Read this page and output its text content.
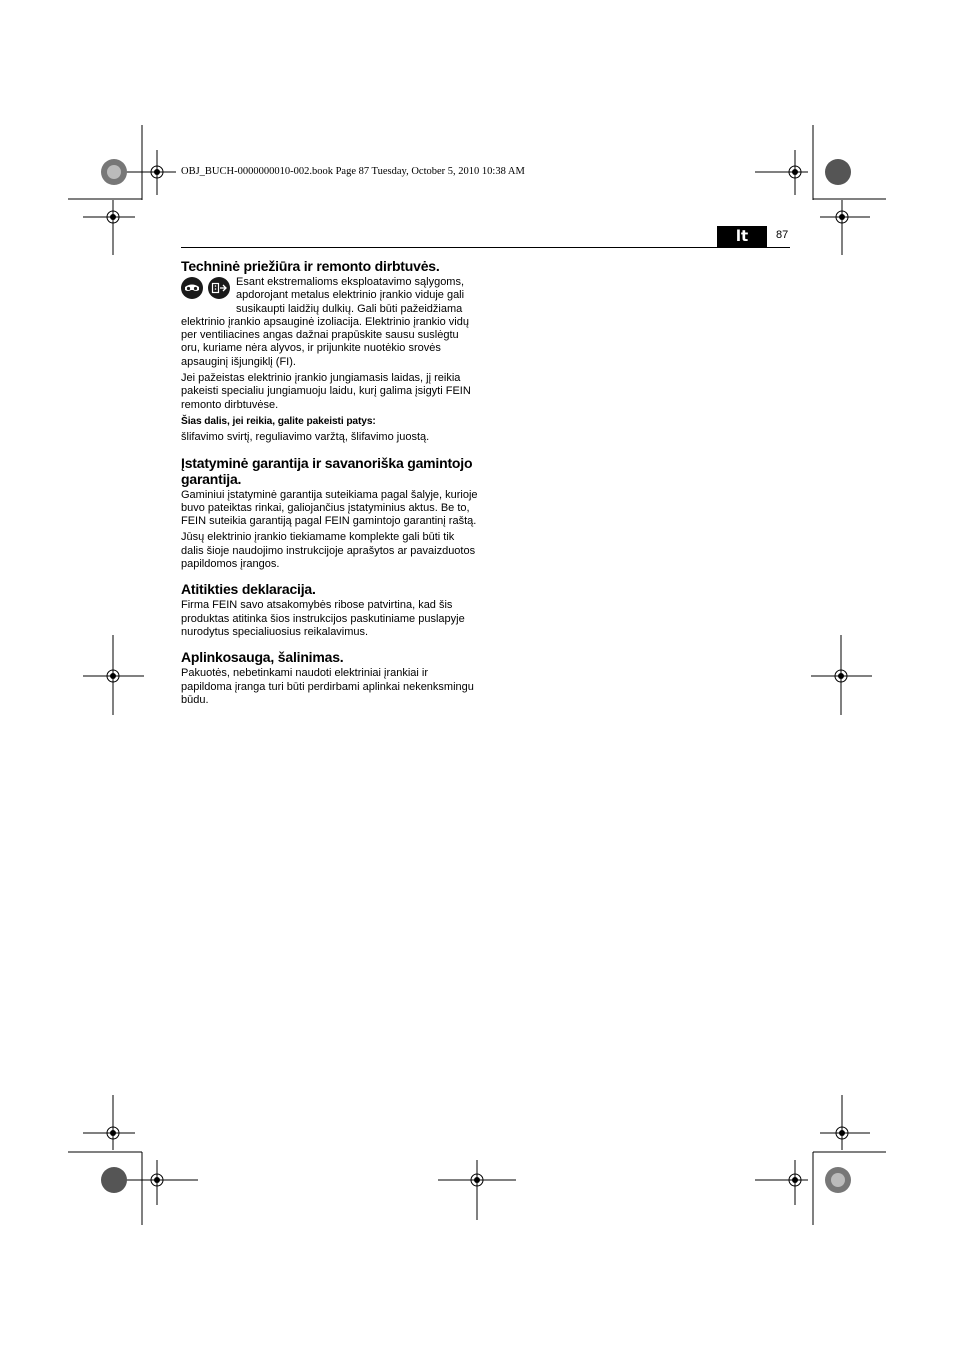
OBJ_BUCH-0000000010-002.book Page 87 Tuesday, October 5, 2010 10:38 AM
lt	87
Techninė priežiūra ir remonto dirbtuvės.

Esant ekstremalioms eksploatavimo sąlygoms, apdorojant metalus elektrinio įrankio viduje gali susikaupti laidžių dulkių. Gali būti pažeidžiama elektrinio įrankio apsauginė izoliacija. Elektrinio įrankio vidų per ventiliacines angas dažnai prapūskite sausu suslėgtu oru, kuriame nėra alyvos, ir prijunkite nuotėkio srovės apsauginį išjungiklį (FI).

Jei pažeistas elektrinio įrankio jungiamasis laidas, jį reikia pakeisti specialiu jungiamuoju laidu, kurį galima įsigyti FEIN remonto dirbtuvėse.

Šias dalis, jei reikia, galite pakeisti patys:

šlifavimo svirtį, reguliavimo varžtą, šlifavimo juostą.

Įstatyminė garantija ir savanoriška gamintojo garantija.

Gaminiui įstatyminė garantija suteikiama pagal šalyje, kurioje buvo pateiktas rinkai, galiojančius įstatyminius aktus. Be to, FEIN suteikia garantiją pagal FEIN gamintojo garantinį raštą.

Jūsų elektrinio įrankio tiekiamame komplekte gali būti tik dalis šioje naudojimo instrukcijoje aprašytos ar pavaizduotos papildomos įrangos.

Atitikties deklaracija.

Firma FEIN savo atsakomybės ribose patvirtina, kad šis produktas atitinka šios instrukcijos paskutiniame puslapyje nurodytus specialiuosius reikalavimus.

Aplinkosauga, šalinimas.

Pakuotės, nebetinkami naudoti elektriniai įrankiai ir papildoma įranga turi būti perdirbami aplinkai nekenksmingu būdu.
